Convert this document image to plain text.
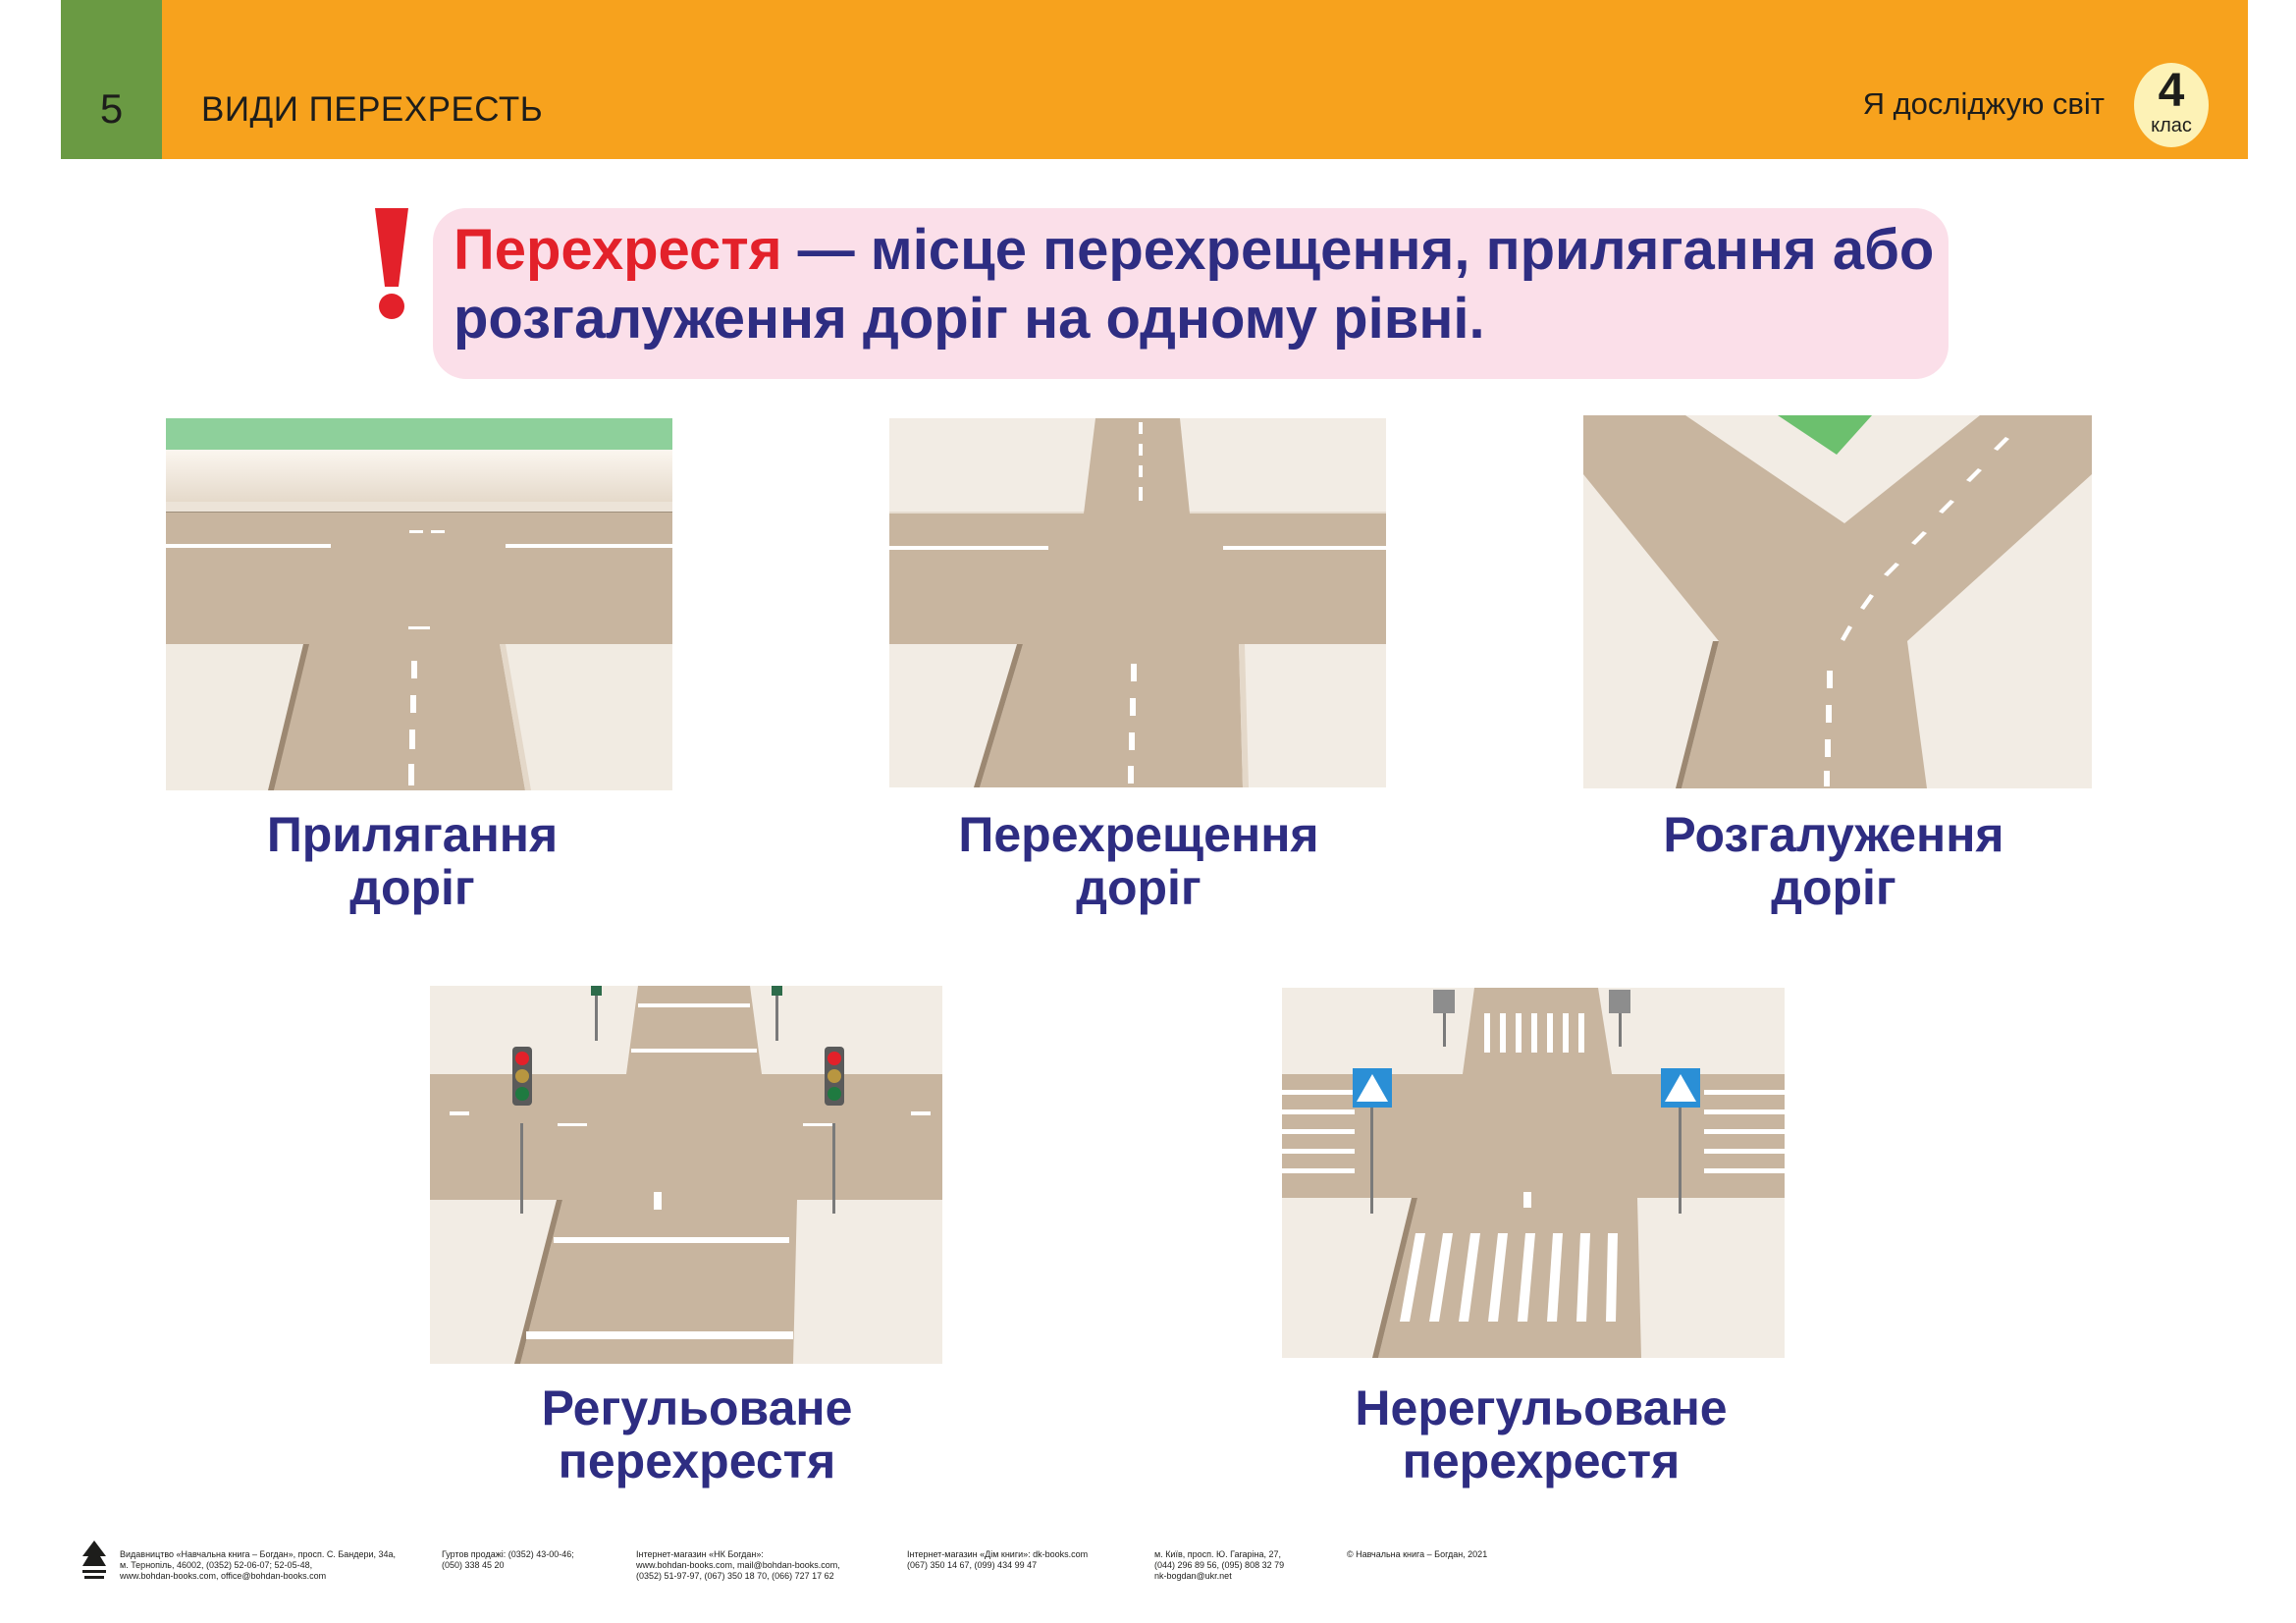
5 ВИДИ ПЕРЕХРЕСТЬ	Я досліджую світ	4
клас
Перехрестя — місце перехрещення, прилягання або розгалуження доріг на одному рівні.
Прилягання
доріг
Перехрещення
доріг
Розгалуження
доріг
Регульоване
перехрестя
Нерегульоване
перехрестя
Видавництво «Навчальна книга – Богдан», просп. С. Бандери, 34а,
м. Тернопіль, 46002, (0352) 52-06-07; 52-05-48,
www.bohdan-books.com, office@bohdan-books.com
Гуртов продажі: (0352) 43-00-46;
(050) 338 45 20
Інтернет-магазин «НК Богдан»:
www.bohdan-books.com, mail@bohdan-books.com,
(0352) 51-97-97, (067) 350 18 70, (066) 727 17 62
Інтернет-магазин «Дім книги»: dk-books.com
(067) 350 14 67, (099) 434 99 47
м. Київ, просп. Ю. Гагаріна, 27,
(044) 296 89 56, (095) 808 32 79
nk-bogdan@ukr.net
© Навчальна книга – Богдан, 2021
